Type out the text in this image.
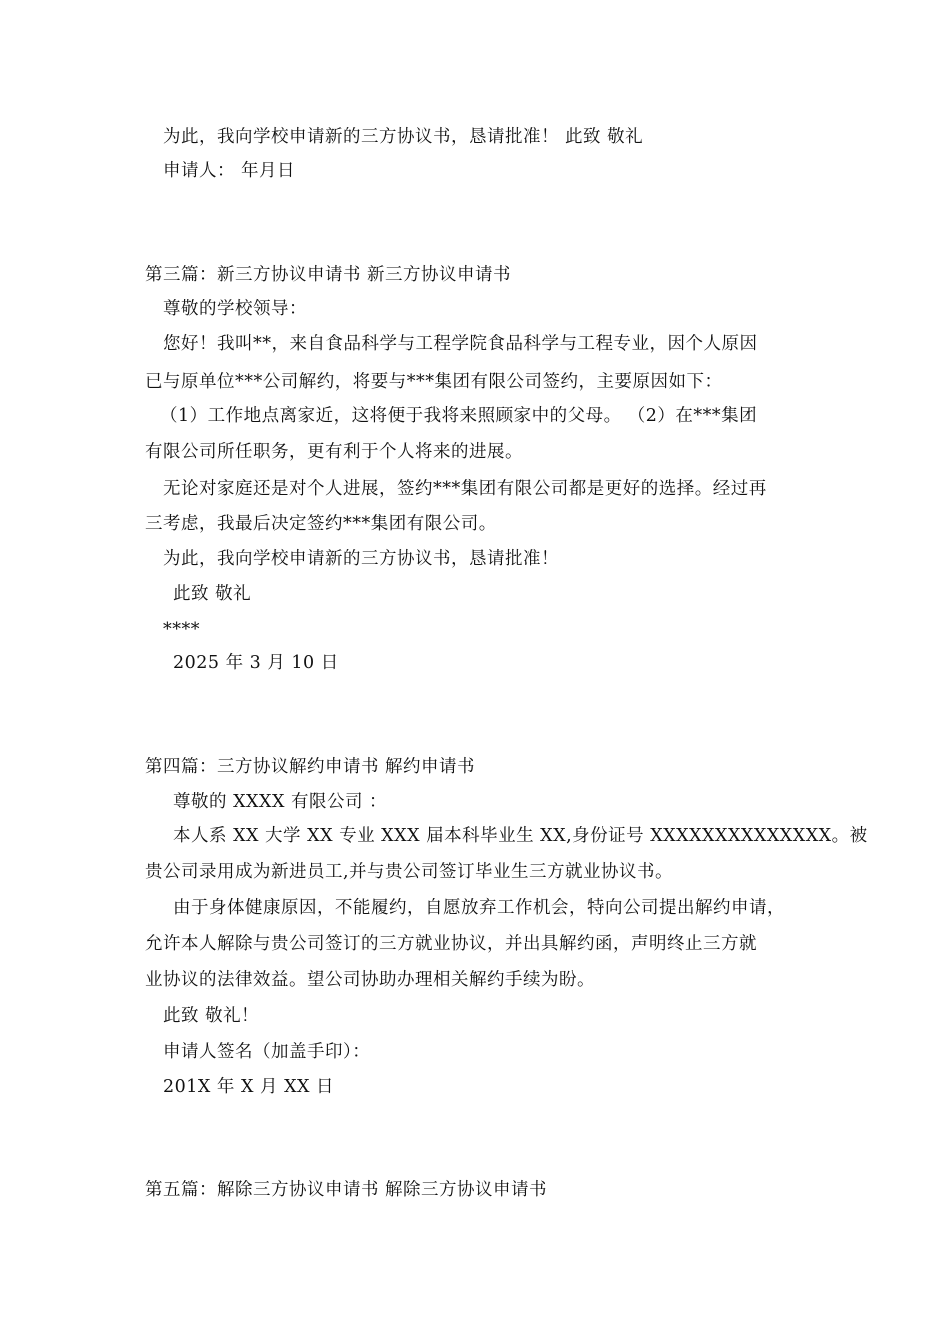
为此，我向学校申请新的三方协议书，恳请批准！ 此致 敬礼
申请人： 年月日
第三篇：新三方协议申请书 新三方协议申请书
尊敬的学校领导：
您好！我叫**，来自食品科学与工程学院食品科学与工程专业，因个人原因
已与原单位***公司解约，将要与***集团有限公司签约，主要原因如下：
（1）工作地点离家近，这将便于我将来照顾家中的父母。 （2）在***集团
有限公司所任职务，更有利于个人将来的进展。
无论对家庭还是对个人进展，签约***集团有限公司都是更好的选择。经过再
三考虑，我最后决定签约***集团有限公司。
为此，我向学校申请新的三方协议书，恳请批准！
此致 敬礼
****
2025 年 3 月 10 日
第四篇：三方协议解约申请书 解约申请书
尊敬的 XXXX 有限公司 ：
本人系 XX 大学 XX 专业 XXX 届本科毕业生 XX,身份证号 XXXXXXXXXXXXXX。被
贵公司录用成为新进员工,并与贵公司签订毕业生三方就业协议书。
由于身体健康原因，不能履约，自愿放弃工作机会，特向公司提出解约申请，
允许本人解除与贵公司签订的三方就业协议，并出具解约函，声明终止三方就
业协议的法律效益。望公司协助办理相关解约手续为盼。
此致 敬礼！
申请人签名（加盖手印）：
201X 年 X 月 XX 日
第五篇：解除三方协议申请书 解除三方协议申请书
